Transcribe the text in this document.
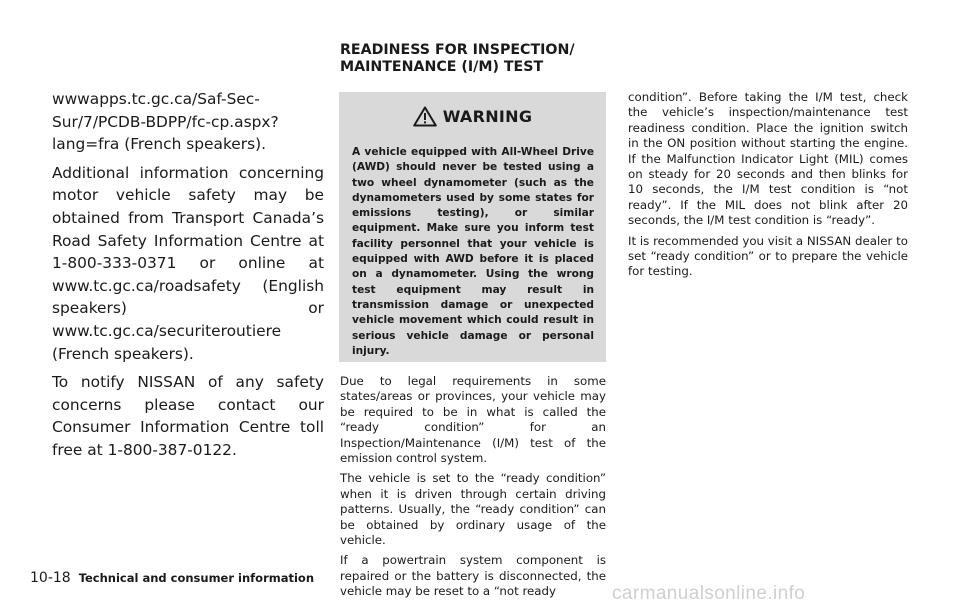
READINESS FOR INSPECTION/
MAINTENANCE (I/M) TEST

wwwapps.tc.gc.ca/Saf-Sec-Sur/7/PCDB-BDPP/fc-cp.aspx?lang=fra (French speakers).

Additional information concerning motor vehicle safety may be obtained from Transport Canada’s Road Safety Information Centre at 1-800-333-0371 or online at www.tc.gc.ca/roadsafety (English speakers) or www.tc.gc.ca/securiteroutiere (French speakers).

To notify NISSAN of any safety concerns please contact our Consumer Information Centre toll free at 1-800-387-0122.

WARNING
A vehicle equipped with All-Wheel Drive (AWD) should never be tested using a two wheel dynamometer (such as the dynamometers used by some states for emissions testing), or similar equipment. Make sure you inform test facility personnel that your vehicle is equipped with AWD before it is placed on a dynamometer. Using the wrong test equipment may result in transmission damage or unexpected vehicle movement which could result in serious vehicle damage or personal injury.

Due to legal requirements in some states/areas or provinces, your vehicle may be required to be in what is called the “ready condition” for an Inspection/Maintenance (I/M) test of the emission control system.

The vehicle is set to the “ready condition” when it is driven through certain driving patterns. Usually, the “ready condition” can be obtained by ordinary usage of the vehicle.

If a powertrain system component is repaired or the battery is disconnected, the vehicle may be reset to a “not ready

condition”. Before taking the I/M test, check the vehicle’s inspection/maintenance test readiness condition. Place the ignition switch in the ON position without starting the engine. If the Malfunction Indicator Light (MIL) comes on steady for 20 seconds and then blinks for 10 seconds, the I/M test condition is “not ready”. If the MIL does not blink after 20 seconds, the I/M test condition is “ready”.

It is recommended you visit a NISSAN dealer to set “ready condition” or to prepare the vehicle for testing.

10-18 Technical and consumer information
carmanualsonline.info
